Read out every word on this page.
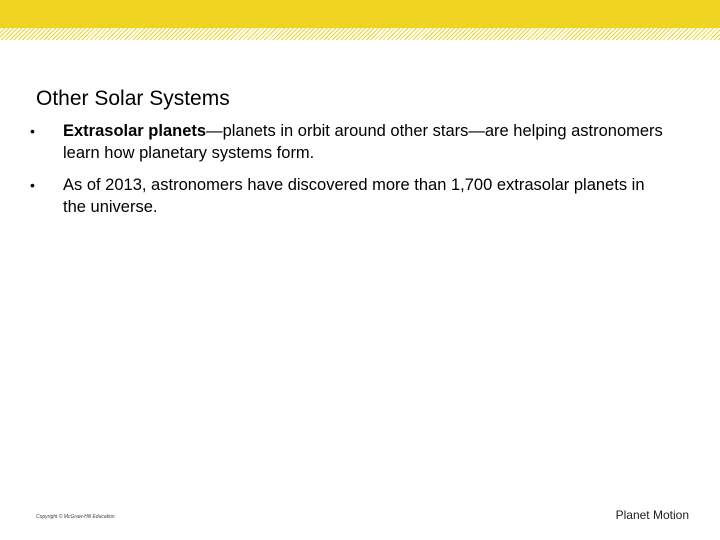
Other Solar Systems
• Extrasolar planets—planets in orbit around other stars—are helping astronomers learn how planetary systems form.
• As of 2013, astronomers have discovered more than 1,700 extrasolar planets in the universe.
Copyright © McGraw-Hill Education	Planet Motion
